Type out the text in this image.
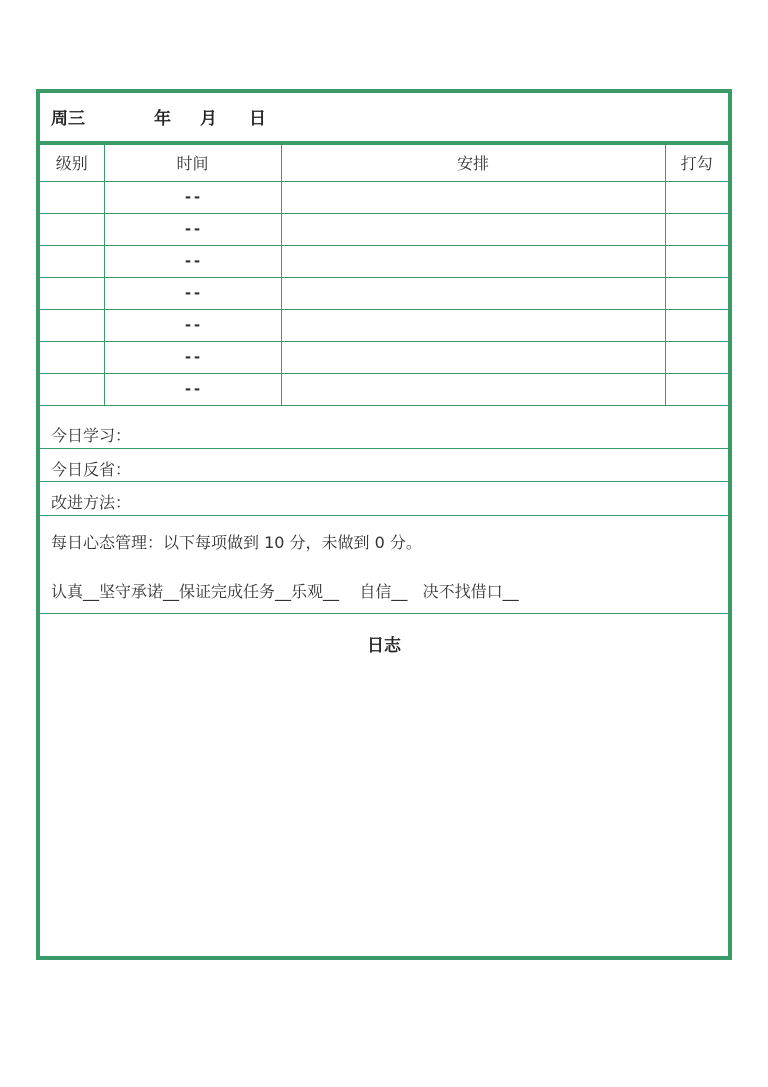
周三	年 月 日
级别	时间	安排	打勾
	--		
	--		
	--		
	--		
	--		
	--		
	--		
今日学习：
今日反省：
改进方法：
每日心态管理：以下每项做到 10 分，未做到 0 分。
认真__坚守承诺__保证完成任务__乐观__    自信__   决不找借口__
日志
